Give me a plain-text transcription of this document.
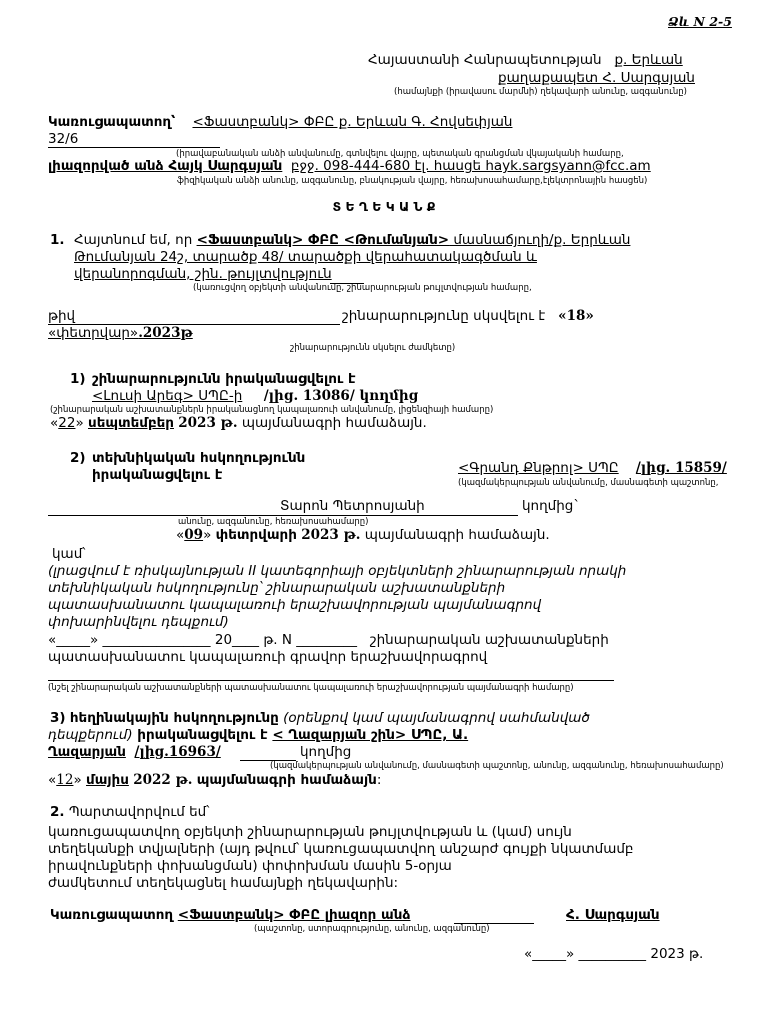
Ձև N 2-5
Հայաստանի Հանրապետության ք. Երևան
քաղաքապետ Հ. Սարգսյան
(համայնքի (իրավասու մարմնի) ղեկավարի անունը, ազգանունը)
Կառուցապատող՝ <Ֆաստբանկ> ՓԲԸ ք. Երևան Գ. Հովսեփյան
32/6
(իրավաբանական անձի անվանումը, գտնվելու վայրը, պետական գրանցման վկայականի համարը,
լիազորված անձ Հայկ Սարգսյան բջջ. 098-444-680 էլ. հասցե hayk.sargsyann@fcc.am
ֆիզիկական անձի անունը, ազգանունը, բնակության վայրը, հեռախոսահամարը,էլեկտրոնային հասցեն)
Տ Ե Ղ Ե Կ Ա Ն Ք
1. Հայտնում եմ, որ <Ֆաստբանկ> ՓԲԸ <Թումանյան> մասնաճյուղի/ք. Երրևան
Թումանյան 24շ, տարածք 48/ տարածքի վերահատակագծման և
վերանորոգման, շին. թույլտվություն
(կառուցվող օբյեկտի անվանումը, շինարարության թույլտվության համարը,
թիվ	շինարարությունը սկսվելու է «18»
«փետրվար».2023թ
շինարարությունն սկսելու ժամկետը)
1) շինարարությունն իրականացվելու է
<Լուսի Արեգ> ՍՊԸ-ի /լից. 13086/ կողմից
(շինարարական աշխատանքներն իրականացնող կապալառուի անվանումը, լիցենզիայի համարը)
«22» սեպտեմբեր 2023 թ. պայմանագրի համաձայն.
2) տեխնիկական հսկողությունն
իրականացվելու է	<Գրանդ Քնթրոլ> ՍՊԸ /լից. 15859/
(կազմակերպության անվանումը, մասնագետի պաշտոնը,
Տարոն Պետրոսյանի	կողմից`
անունը, ազգանունը, հեռախոսահամարը)
«09» փետրվարի 2023 թ. պայմանագրի համաձայն.
կամ՝
(լրացվում է ռիսկայնության II կատեգորիայի օբյեկտների շինարարության որակի
տեխնիկական հսկողությունը՝ շինարարական աշխատանքների
պատասխանատու կապալառուի երաշխավորության պայմանագրով
փոխարինվելու դեպքում)
«_____» ________________ 20____ թ. N _________ շինարարական աշխատանքների
պատասխանատու կապալառուի գրավոր երաշխավորագրով
(նշել շինարարական աշխատանքների պատասխանատու կապալառուի երաշխավորության պայմանագրի համարը)
3) հեղինակային հսկողությունը (օրենքով կամ պայմանագրով սահմանված
դեպքերում) իրականացվելու է < Ղազարյան շին> ՍՊԸ, Ա.
Ղազարյան /լից.16963/	կողմից
(կազմակերպության անվանումը, մասնագետի պաշտոնը, անունը, ազգանունը, հեռախոսահամարը)
«12» մայիս 2022 թ. պայմանագրի համաձայն:
2. Պարտավորվում եմ՝
կառուցապատվող օբյեկտի շինարարության թույլտվության և (կամ) սույն
տեղեկանքի տվյալների (այդ թվում՝ կառուցապատվող անշարժ գույքի նկատմամբ
իրավունքների փոխանցման) փոփոխման մասին 5-օրյա
ժամկետում տեղեկացնել համայնքի ղեկավարին:
Կառուցապատող <Ֆաստբանկ> ՓԲԸ լիազոր անձ	Հ. Սարգսյան
(պաշտոնը, ստորագրությունը, անունը, ազգանունը)
«_____» __________ 2023 թ.
